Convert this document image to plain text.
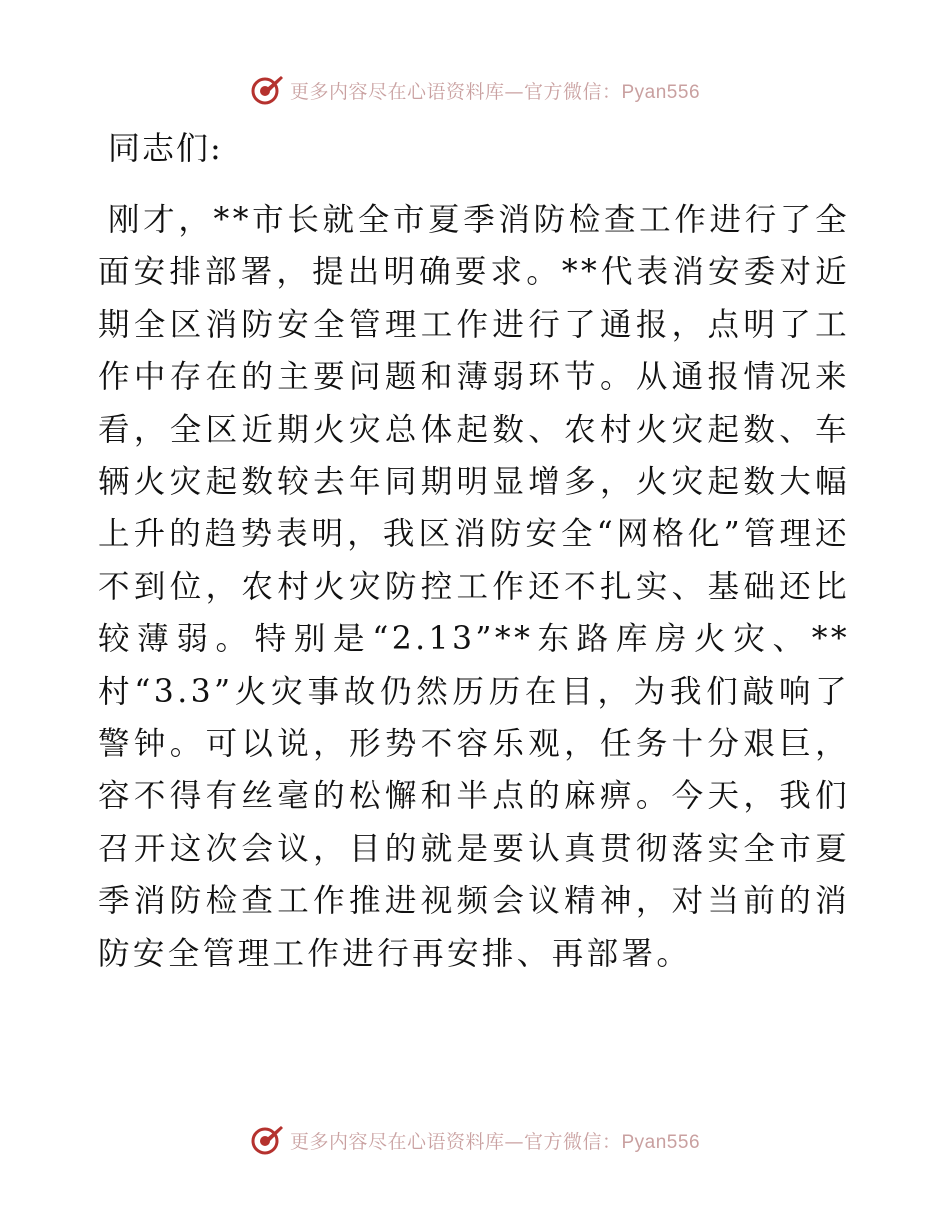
更多内容尽在心语资料库—官方微信：Pyan556
同志们:

刚才，**市长就全市夏季消防检查工作进行了全面安排部署，提出明确要求。**代表消安委对近期全区消防安全管理工作进行了通报，点明了工作中存在的主要问题和薄弱环节。从通报情况来看，全区近期火灾总体起数、农村火灾起数、车辆火灾起数较去年同期明显增多，火灾起数大幅上升的趋势表明，我区消防安全“网格化”管理还不到位，农村火灾防控工作还不扎实、基础还比较薄弱。特别是“2.13”**东路库房火灾、**村“3.3”火灾事故仍然历历在目，为我们敲响了警钟。可以说，形势不容乐观，任务十分艰巨，容不得有丝毫的松懈和半点的麻痹。今天，我们召开这次会议，目的就是要认真贯彻落实全市夏季消防检查工作推进视频会议精神，对当前的消防安全管理工作进行再安排、再部署。

更多内容尽在心语资料库—官方微信：Pyan556
